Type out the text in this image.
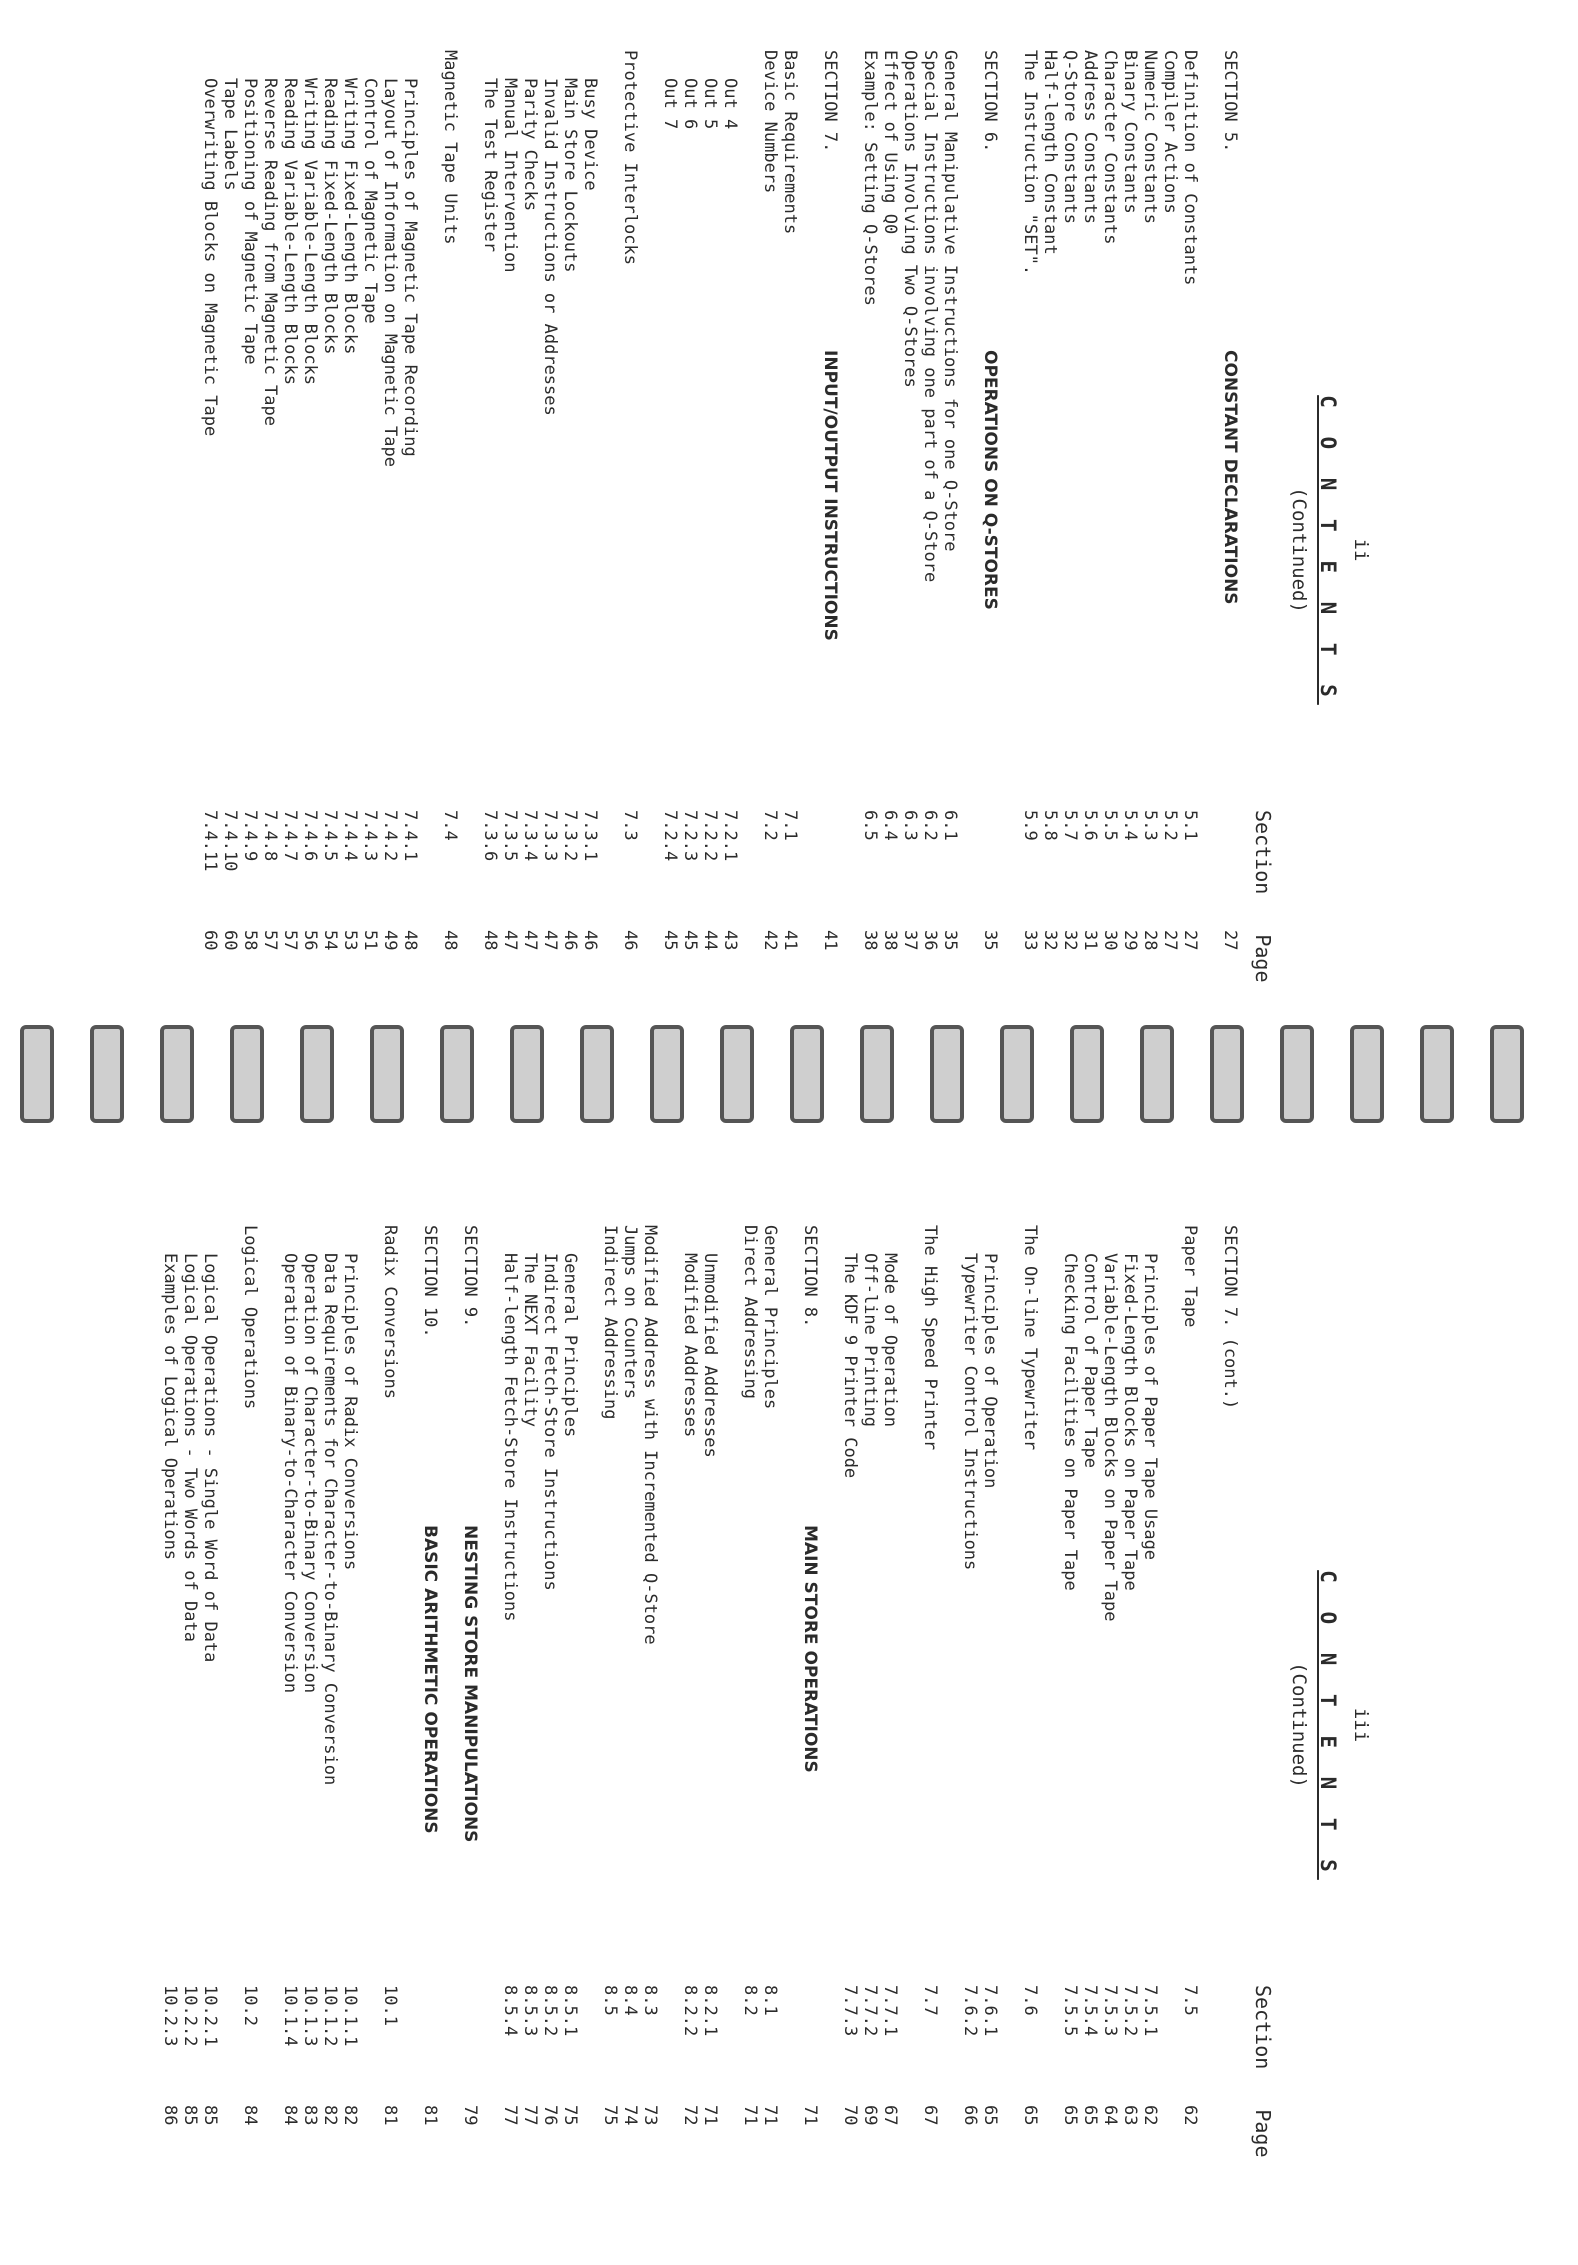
ii
C O N T E N T S
(Continued)
Section Page
SECTION 5.
CONSTANT DECLARATIONS
27
Definition of Constants
5.1
27
Compiler Actions
5.2
27
Numeric Constants
5.3
28
Binary Constants
5.4
29
Character Constants
5.5
30
Address Constants
5.6
31
Q-Store Constants
5.7
32
Half-length Constant
5.8
32
The Instruction "SET".
5.9
33
SECTION 6.
OPERATIONS ON Q-STORES
35
General Manipulative Instructions for one Q-Store
6.1
35
Special Instructions involving one part of a Q-Store
6.2
36
Operations Involving Two Q-Stores
6.3
37
Effect of Using Q0
6.4
38
Example: Setting Q-Stores
6.5
38
SECTION 7.
INPUT/OUTPUT INSTRUCTIONS
41
Basic Requirements
7.1
41
Device Numbers
7.2
42
Out 4
7.2.1
43
Out 5
7.2.2
44
Out 6
7.2.3
45
Out 7
7.2.4
45
Protective Interlocks
7.3
46
Busy Device
7.3.1
46
Main Store Lockouts
7.3.2
46
Invalid Instructions or Addresses
7.3.3
47
Parity Checks
7.3.4
47
Manual Intervention
7.3.5
47
The Test Register
7.3.6
48
Magnetic Tape Units
7.4
48
Principles of Magnetic Tape Recording
7.4.1
48
Layout of Information on Magnetic Tape
7.4.2
49
Control of Magnetic Tape
7.4.3
51
Writing Fixed-Length Blocks
7.4.4
53
Reading Fixed-Length Blocks
7.4.5
54
Writing Variable-Length Blocks
7.4.6
56
Reading Variable-Length Blocks
7.4.7
57
Reverse Reading from Magnetic Tape
7.4.8
57
Positioning of Magnetic Tape
7.4.9
58
Tape Labels
7.4.10
60
Overwriting Blocks on Magnetic Tape
7.4.11
60
iii
C O N T E N T S
(Continued)
Section Page
SECTION 7. (cont.)
Paper Tape
7.5
62
Principles of Paper Tape Usage
7.5.1
62
Fixed-Length Blocks on Paper Tape
7.5.2
63
Variable-Length Blocks on Paper Tape
7.5.3
64
Control of Paper Tape
7.5.4
65
Checking Facilities on Paper Tape
7.5.5
65
The On-line Typewriter
7.6
65
Principles of Operation
7.6.1
65
Typewriter Control Instructions
7.6.2
66
The High Speed Printer
7.7
67
Mode of Operation
7.7.1
67
Off-line Printing
7.7.2
69
The KDF 9 Printer Code
7.7.3
70
SECTION 8.
MAIN STORE OPERATIONS
71
General Principles
8.1
71
Direct Addressing
8.2
71
Unmodified Addresses
8.2.1
71
Modified Addresses
8.2.2
72
Modified Address with Incremented Q-Store
8.3
73
Jumps on Counters
8.4
74
Indirect Addressing
8.5
75
General Principles
8.5.1
75
Indirect Fetch-Store Instructions
8.5.2
76
The NEXT Facility
8.5.3
77
Half-length Fetch-Store Instructions
8.5.4
77
SECTION 9.
NESTING STORE MANIPULATIONS
79
SECTION 10.
BASIC ARITHMETIC OPERATIONS
81
Radix Conversions
10.1
81
Principles of Radix Conversions
10.1.1
82
Data Requirements for Character-to-Binary Conversion
10.1.2
82
Operation of Character-to-Binary Conversion
10.1.3
83
Operation of Binary-to-Character Conversion
10.1.4
84
Logical Operations
10.2
84
Logical Operations - Single Word of Data
10.2.1
85
Logical Operations - Two Words of Data
10.2.2
85
Examples of Logical Operations
10.2.3
86
